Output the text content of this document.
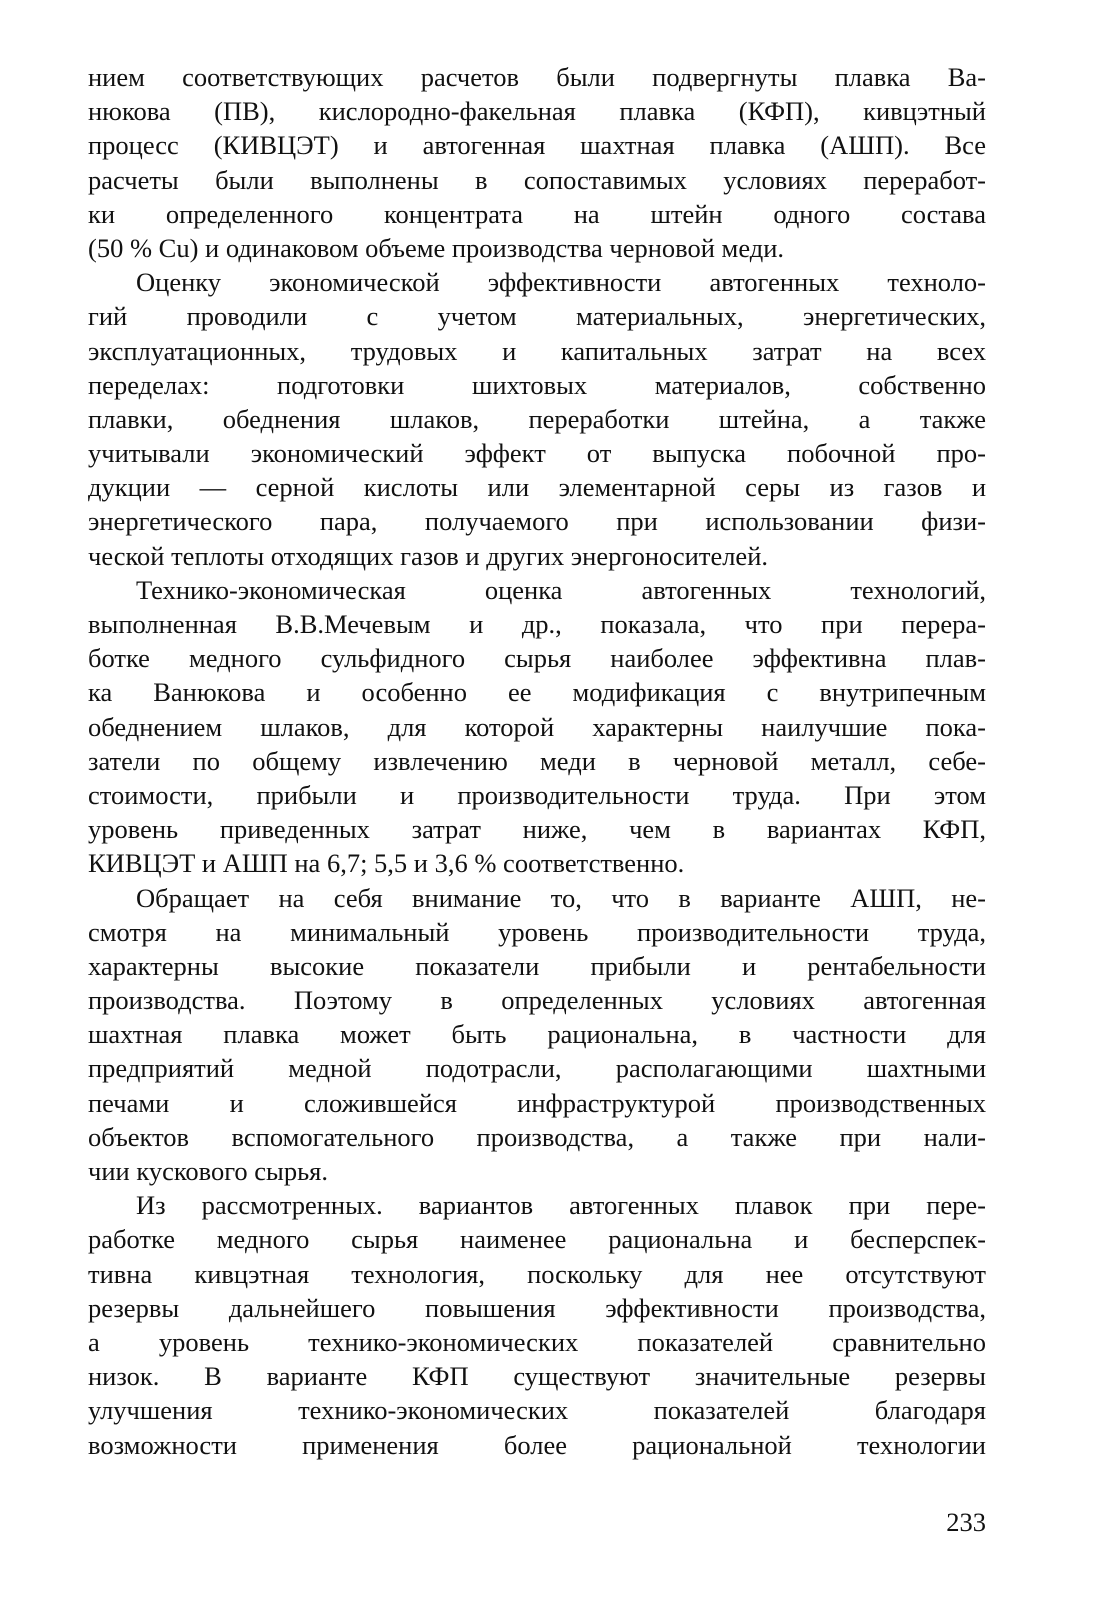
нием соответствующих расчетов были подвергнуты плавка Ва-
нюкова (ПВ), кислородно-факельная плавка (КФП), кивцэтный
процесс (КИВЦЭТ) и автогенная шахтная плавка (АШП). Все
расчеты были выполнены в сопоставимых условиях переработ-
ки определенного концентрата на штейн одного состава
(50 % Cu) и одинаковом объеме производства черновой меди.
Оценку экономической эффективности автогенных техноло-
гий проводили с учетом материальных, энергетических,
эксплуатационных, трудовых и капитальных затрат на всех
переделах: подготовки шихтовых материалов, собственно
плавки, обеднения шлаков, переработки штейна, а также
учитывали экономический эффект от выпуска побочной про-
дукции — серной кислоты или элементарной серы из газов и
энергетического пара, получаемого при использовании физи-
ческой теплоты отходящих газов и других энергоносителей.
Технико-экономическая оценка автогенных технологий,
выполненная В.В.Мечевым и др., показала, что при перера-
ботке медного сульфидного сырья наиболее эффективна плав-
ка Ванюкова и особенно ее модификация с внутрипечным
обеднением шлаков, для которой характерны наилучшие пока-
затели по общему извлечению меди в черновой металл, себе-
стоимости, прибыли и производительности труда. При этом
уровень приведенных затрат ниже, чем в вариантах КФП,
КИВЦЭТ и АШП на 6,7; 5,5 и 3,6 % соответственно.
Обращает на себя внимание то, что в варианте АШП, не-
смотря на минимальный уровень производительности труда,
характерны высокие показатели прибыли и рентабельности
производства. Поэтому в определенных условиях автогенная
шахтная плавка может быть рациональна, в частности для
предприятий медной подотрасли, располагающими шахтными
печами и сложившейся инфраструктурой производственных
объектов вспомогательного производства, а также при нали-
чии кускового сырья.
Из рассмотренных. вариантов автогенных плавок при пере-
работке медного сырья наименее рациональна и бесперспек-
тивна кивцэтная технология, поскольку для нее отсутствуют
резервы дальнейшего повышения эффективности производства,
а уровень технико-экономических показателей сравнительно
низок. В варианте КФП существуют значительные резервы
улучшения технико-экономических показателей благодаря
возможности применения более рациональной технологии
233
